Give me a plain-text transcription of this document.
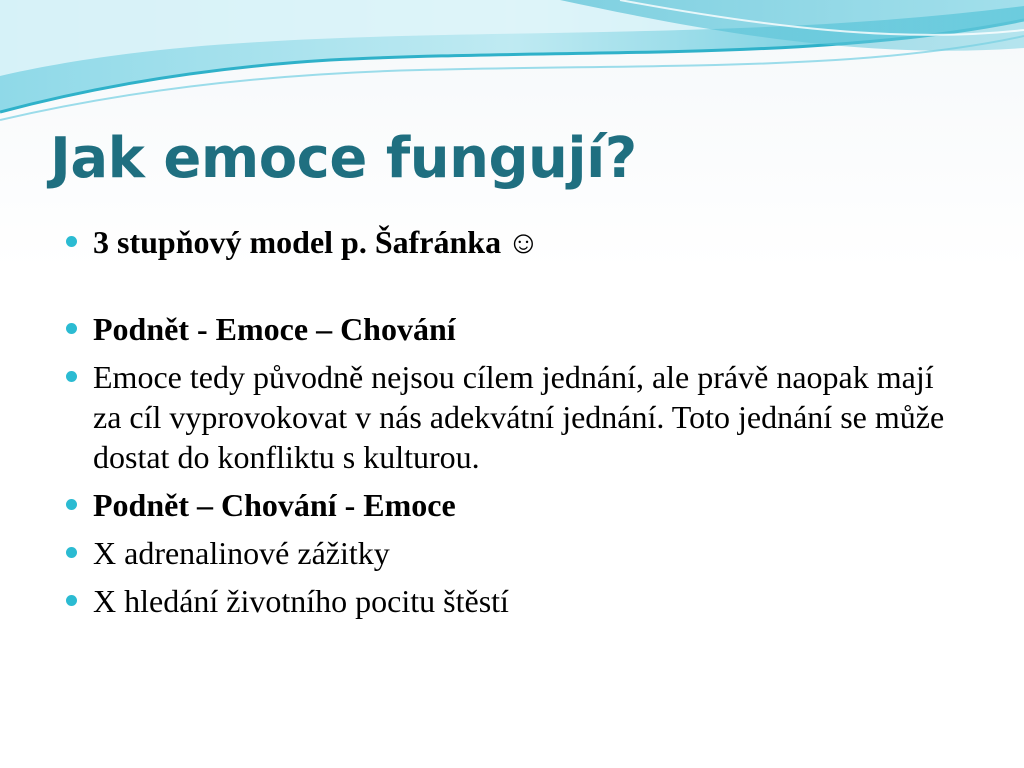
Jak emoce fungují?
3 stupňový model p. Šafránka ☺
Podnět - Emoce – Chování
Emoce tedy původně nejsou cílem jednání, ale právě naopak mají za cíl vyprovokovat v nás adekvátní jednání. Toto jednání se může dostat do konfliktu s kulturou.
Podnět – Chování - Emoce
X adrenalinové zážitky
X hledání životního pocitu štěstí
